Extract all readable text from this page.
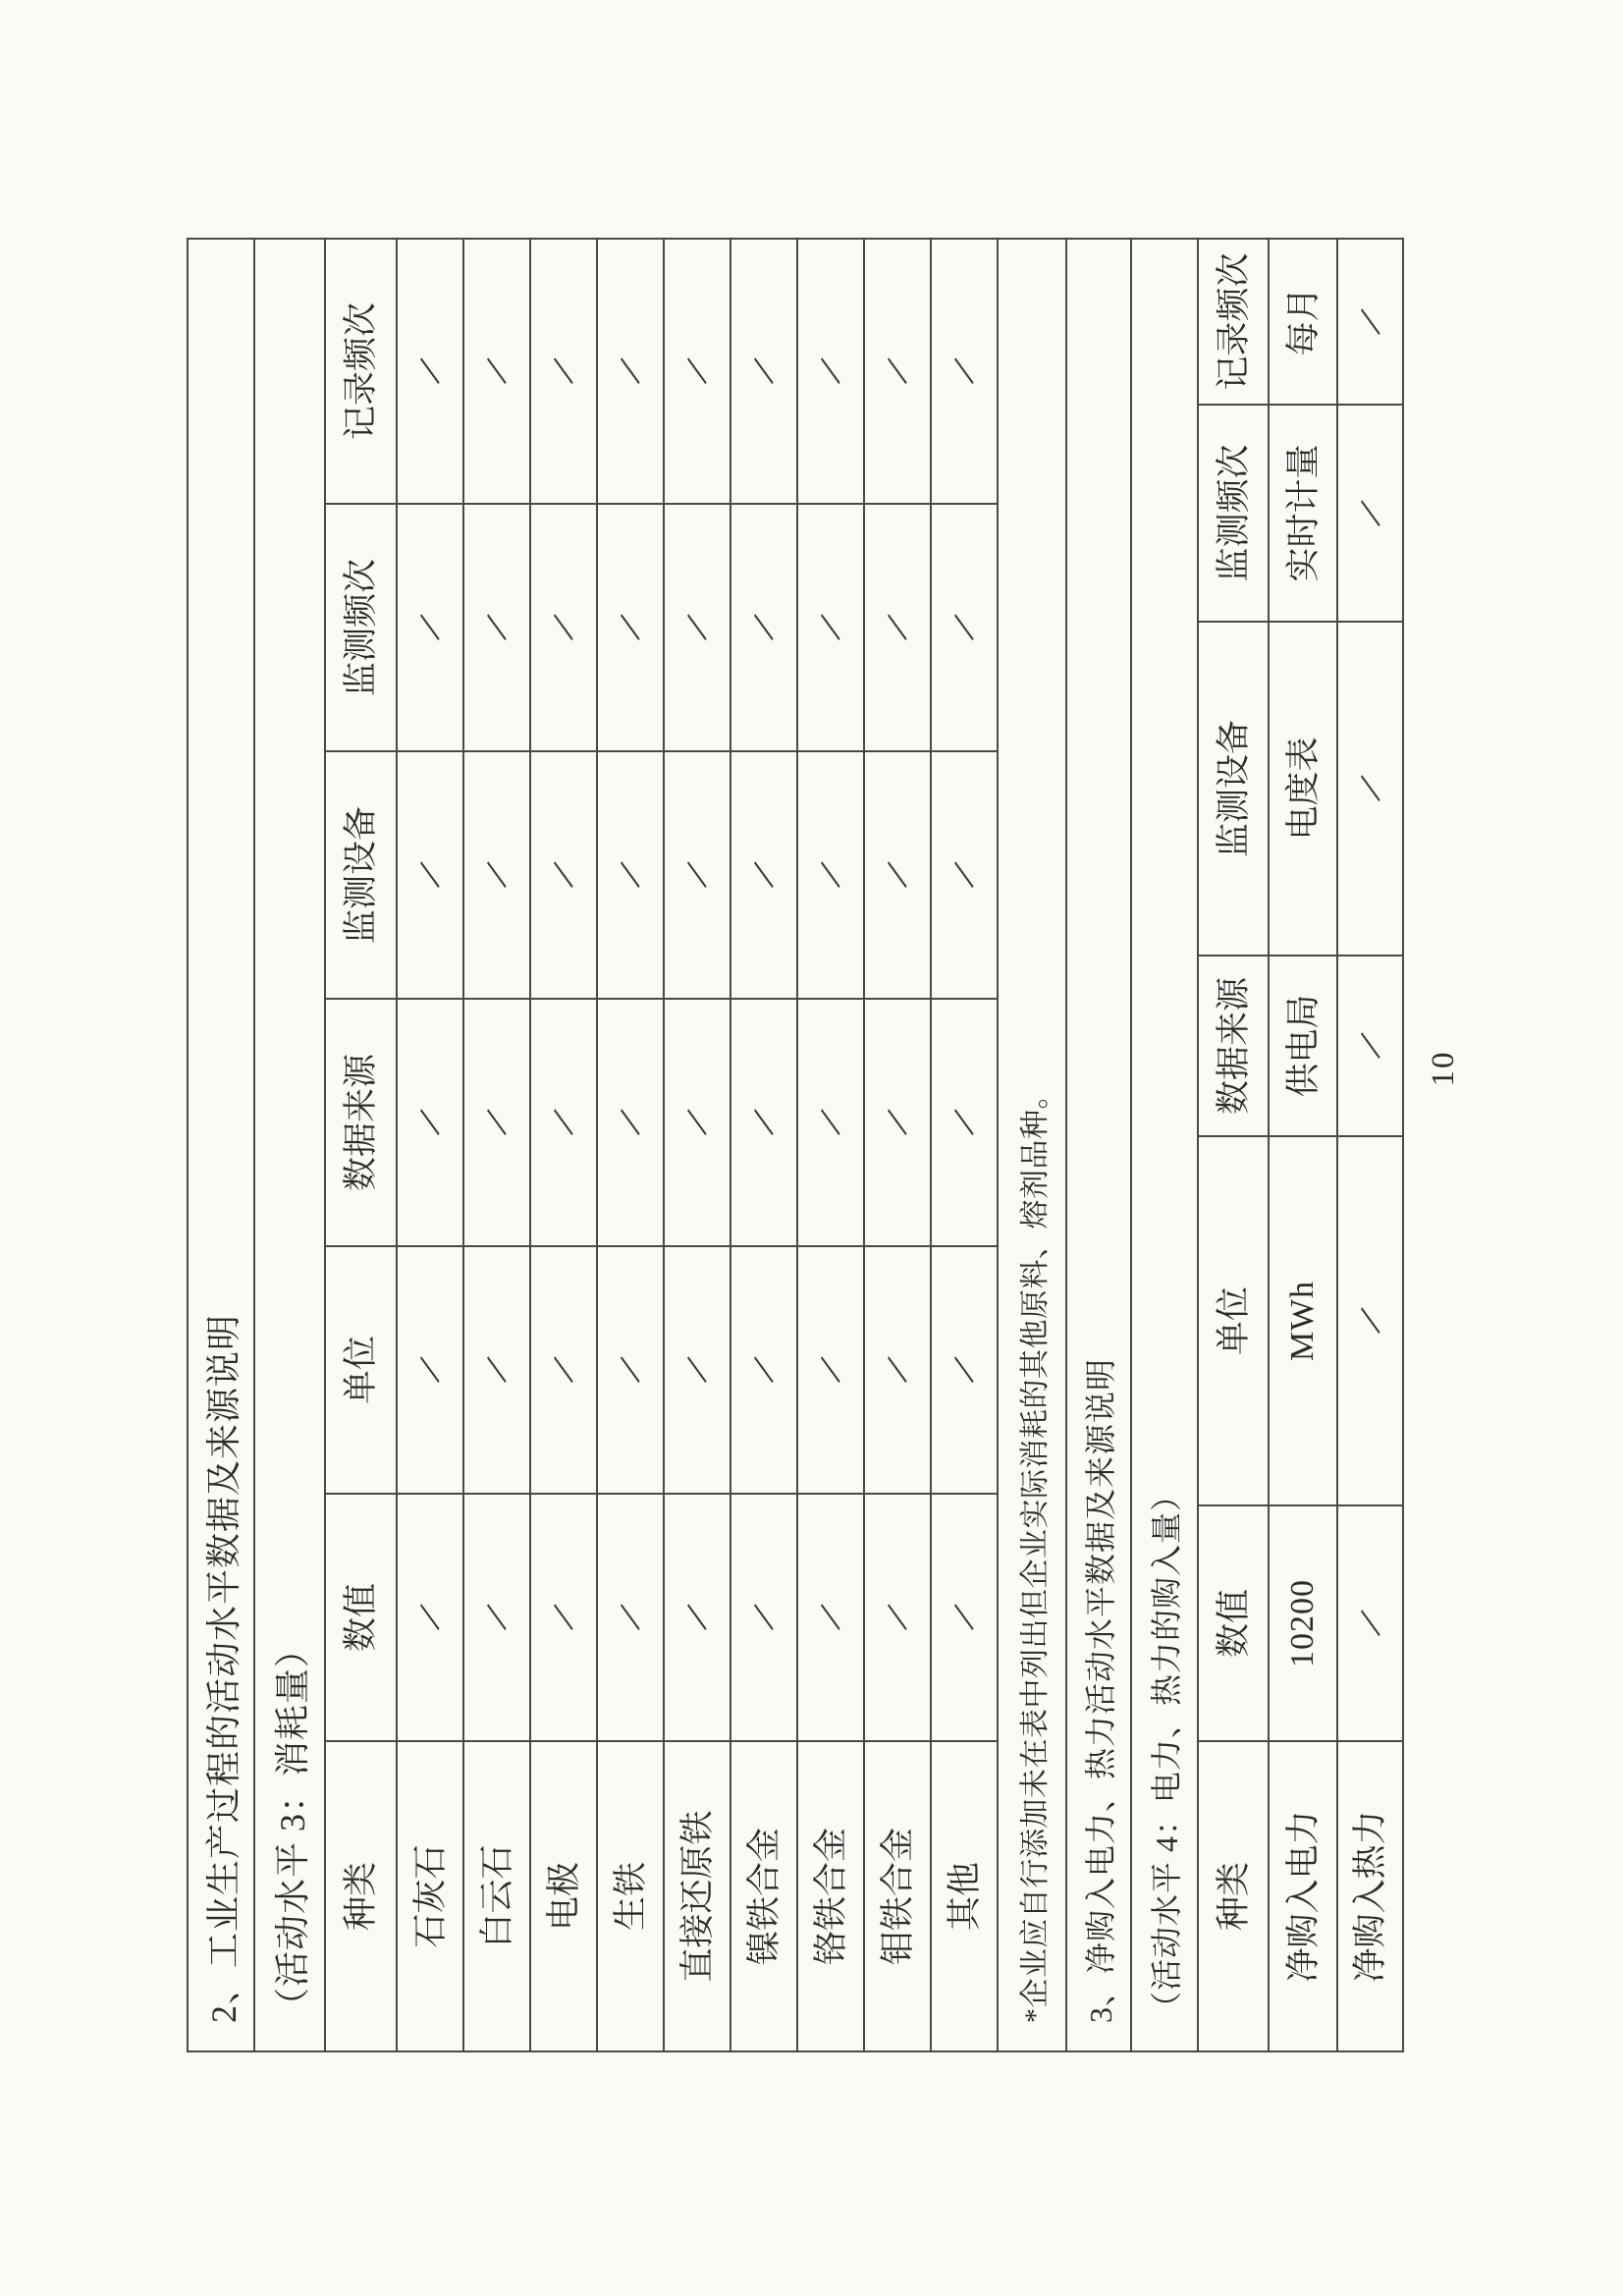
2、工业生产过程的活动水平数据及来源说明 （活动水平 3：消耗量） 种类
数值
单位
数据来源
监测设备
监测频次
记录频次
石灰石
/
/
/
/
/
/
白云石
/
/
/
/
/
/
电极
/
/
/
/
/
/
生铁
/
/
/
/
/
/
直接还原铁
/
/
/
/
/
/
镍铁合金
/
/
/
/
/
/
铬铁合金
/
/
/
/
/
/
钼铁合金
/
/
/
/
/
/
其他
/
/
/
/
/
/
*企业应自行添加未在表中列出但企业实际消耗的其他原料、熔剂品种。 3、净购入电力、热力活动水平数据及来源说明 （活动水平 4：电力、热力的购入量） 种类
数值
单位
数据来源
监测设备
监测频次
记录频次
净购入电力
10200
MWh
供电局
电度表
实时计量
每月
净购入热力
/
/
/
/
/
/
10
